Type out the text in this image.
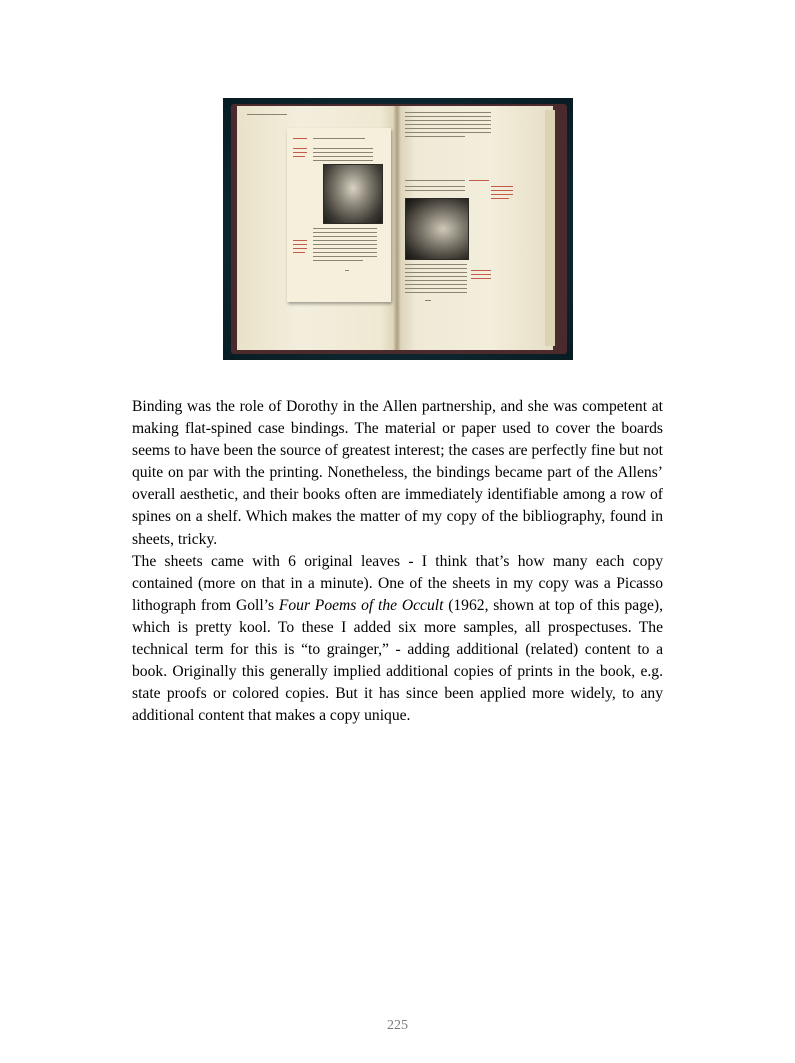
Binding was the role of Dorothy in the Allen partnership, and she was competent at making flat-spined case bindings. The material or paper used to cover the boards seems to have been the source of greatest interest; the cases are perfectly fine but not quite on par with the printing. Nonetheless, the bindings became part of the Allens’ overall aesthetic, and their books often are immediately identifiable among a row of spines on a shelf. Which makes the matter of my copy of the bibliography, found in sheets, tricky.

The sheets came with 6 original leaves - I think that’s how many each copy contained (more on that in a minute). One of the sheets in my copy was a Picasso lithograph from Goll’s Four Poems of the Occult (1962, shown at top of this page), which is pretty kool. To these I added six more samples, all prospectuses. The technical term for this is “to grainger,” - adding additional (related) content to a book. Originally this generally implied additional copies of prints in the book, e.g. state proofs or colored copies. But it has since been applied more widely, to any additional content that makes a copy unique.

225
